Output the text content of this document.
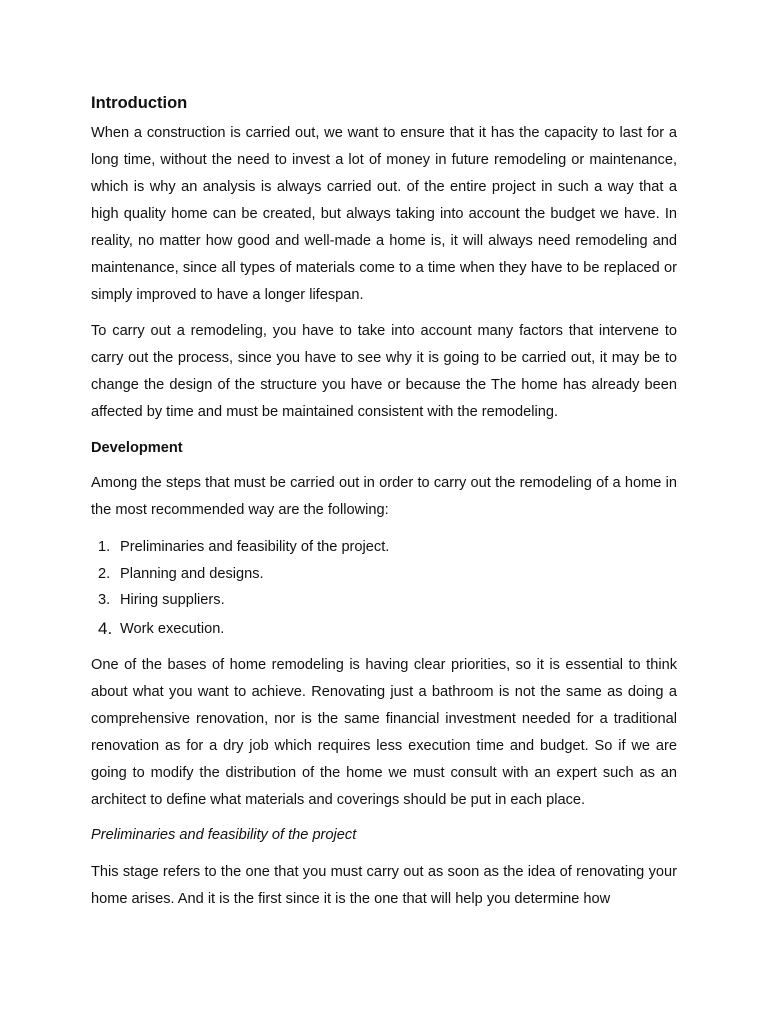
Introduction

When a construction is carried out, we want to ensure that it has the capacity to last for a long time, without the need to invest a lot of money in future remodeling or maintenance, which is why an analysis is always carried out. of the entire project in such a way that a high quality home can be created, but always taking into account the budget we have. In reality, no matter how good and well-made a home is, it will always need remodeling and maintenance, since all types of materials come to a time when they have to be replaced or simply improved to have a longer lifespan.

To carry out a remodeling, you have to take into account many factors that intervene to carry out the process, since you have to see why it is going to be carried out, it may be to change the design of the structure you have or because the The home has already been affected by time and must be maintained consistent with the remodeling.

Development

Among the steps that must be carried out in order to carry out the remodeling of a home in the most recommended way are the following:

1. Preliminaries and feasibility of the project.
2. Planning and designs.
3. Hiring suppliers.
4. Work execution.

One of the bases of home remodeling is having clear priorities, so it is essential to think about what you want to achieve. Renovating just a bathroom is not the same as doing a comprehensive renovation, nor is the same financial investment needed for a traditional renovation as for a dry job which requires less execution time and budget. So if we are going to modify the distribution of the home we must consult with an expert such as an architect to define what materials and coverings should be put in each place.

Preliminaries and feasibility of the project

This stage refers to the one that you must carry out as soon as the idea of renovating your home arises. And it is the first since it is the one that will help you determine how
